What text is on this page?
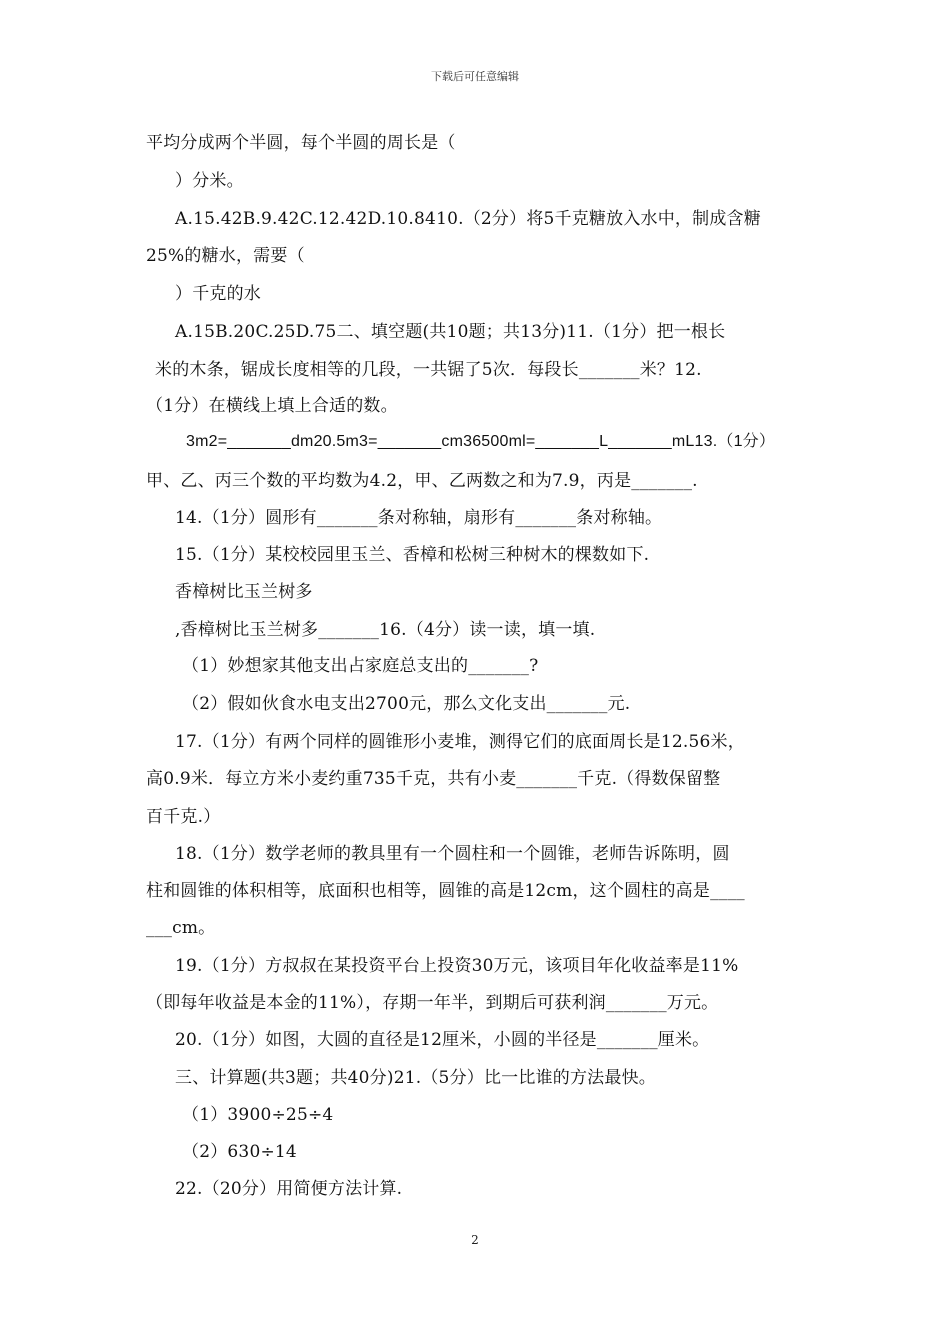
下载后可任意编辑
平均分成两个半圆，每个半圆的周长是（
）分米。
A.15.42B.9.42C.12.42D.10.8410.（2分）将5千克糖放入水中，制成含糖
25%的糖水，需要（
）千克的水
A.15B.20C.25D.75二、填空题(共10题；共13分)11.（1分）把一根长
米的木条，锯成长度相等的几段，一共锯了5次．每段长_______米？12.
（1分）在横线上填上合适的数。
3m2=_______dm20.5m3=_______cm36500ml=_______L_______mL13.（1分）
甲、乙、丙三个数的平均数为4.2，甲、乙两数之和为7.9，丙是_______.
14.（1分）圆形有_______条对称轴，扇形有_______条对称轴。
15.（1分）某校校园里玉兰、香樟和松树三种树木的棵数如下.
香樟树比玉兰树多
,香樟树比玉兰树多_______16.（4分）读一读，填一填.
（1）妙想家其他支出占家庭总支出的_______?
（2）假如伙食水电支出2700元，那么文化支出_______元.
17.（1分）有两个同样的圆锥形小麦堆，测得它们的底面周长是12.56米，
高0.9米．每立方米小麦约重735千克，共有小麦_______千克.（得数保留整
百千克.）
18.（1分）数学老师的教具里有一个圆柱和一个圆锥，老师告诉陈明，圆
柱和圆锥的体积相等，底面积也相等，圆锥的高是12cm，这个圆柱的高是____
___cm。
19.（1分）方叔叔在某投资平台上投资30万元，该项目年化收益率是11%
（即每年收益是本金的11%），存期一年半，到期后可获利润_______万元。
20.（1分）如图，大圆的直径是12厘米，小圆的半径是_______厘米。
三、计算题(共3题；共40分)21.（5分）比一比谁的方法最快。
（1）3900÷25÷4
（2）630÷14
22.（20分）用简便方法计算.
2
